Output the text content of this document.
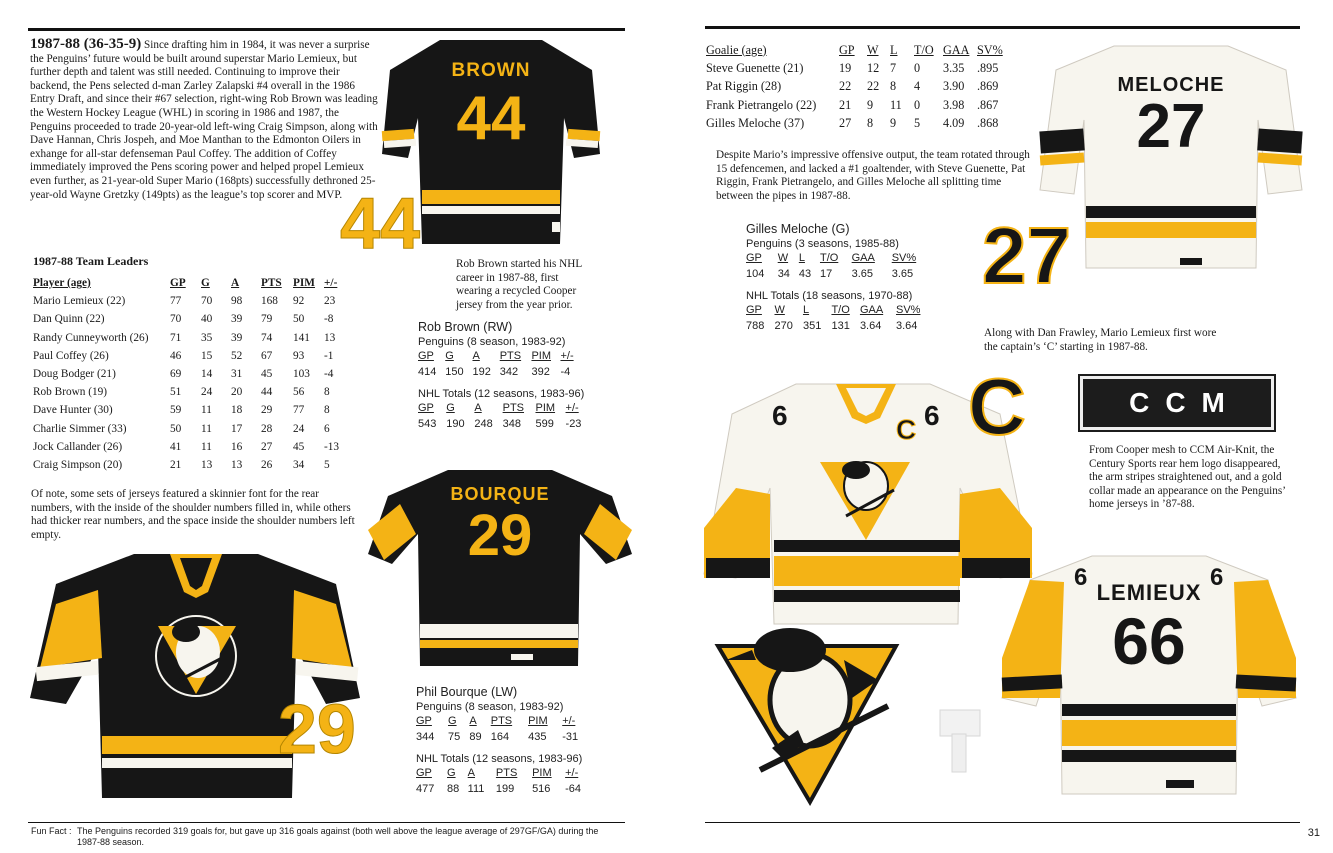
1987-88 (36-35-9) Since drafting him in 1984, it was never a surprise the Penguins’ future would be built around superstar Mario Lemieux, but further depth and talent was still needed. Continuing to improve their backend, the Pens selected d-man Zarley Zalapski #4 overall in the 1986 Entry Draft, and since their #67 selection, right-wing Rob Brown was leading the Western Hockey League (WHL) in scoring in 1986 and 1987, the Penguins proceeded to trade 20-year-old left-wing Craig Simpson, along with Dave Hannan, Chris Jospeh, and Moe Manthan to the Edmonton Oilers in exhange for all-star defenseman Paul Coffey. The addition of Coffey immediately improved the Pens scoring power and helped propel Lemieux even further, as 21-year-old Super Mario (168pts) successfully dethroned 25-year-old Wayne Gretzky (149pts) as the league’s top scorer and MVP.
BROWN
44
44	Rob Brown started his NHL career in 1987-88, first wearing a recycled Cooper jersey from the year prior.
1987-88 Team Leaders
Player (age)	GP	G	A	PTS	PIM	+/-
Mario Lemieux (22)	77	70	98	168	92	23
Dan Quinn (22)	70	40	39	79	50	-8
Randy Cunneyworth (26)	71	35	39	74	141	13
Paul Coffey (26)	46	15	52	67	93	-1
Doug Bodger (21)	69	14	31	45	103	-4
Rob Brown (19)	51	24	20	44	56	8
Dave Hunter (30)	59	11	18	29	77	8
Charlie Simmer (33)	50	11	17	28	24	6
Jock Callander (26)	41	11	16	27	45	-13
Craig Simpson (20)	21	13	13	26	34	5
Of note, some sets of jerseys featured a skinnier font for the rear numbers, with the inside of the shoulder numbers filled in, while others had thicker rear numbers, and the space inside the shoulder numbers left empty.
Rob Brown (RW)
Penguins (8 season, 1983-92)
GP	G	A	PTS	PIM	+/-
414	150	192	342	392	-4
NHL Totals (12 seasons, 1983-96)
GP	G	A	PTS	PIM	+/-
543	190	248	348	599	-23
BOURQUE
29
Phil Bourque (LW)
Penguins (8 season, 1983-92)
GP	G	A	PTS	PIM	+/-
344	75	89	164	435	-31
NHL Totals (12 seasons, 1983-96)
GP	G	A	PTS	PIM	+/-
477	88	111	199	516	-64
29
Fun Fact : The Penguins recorded 319 goals for, but gave up 316 goals against (both well above the league average of 297GF/GA) during the 1987-88 season.
Goalie (age)	GP	W	L	T/O	GAA	SV%
Steve Guenette (21)	19	12	7	0	3.35	.895
Pat Riggin (28)	22	22	8	4	3.90	.869
Frank Pietrangelo (22)	21	9	11	0	3.98	.867
Gilles Meloche (37)	27	8	9	5	4.09	.868
Despite Mario’s impressive offensive output, the team rotated through 15 defencemen, and lacked a #1 goaltender, with Steve Guenette, Pat Riggin, Frank Pietrangelo, and Gilles Meloche all splitting time between the pipes in 1987-88.
Gilles Meloche (G)
Penguins (3 seasons, 1985-88)
GP	W	L	T/O	GAA	SV%
104	34	43	17	3.65	3.65
NHL Totals (18 seasons, 1970-88)
GP	W	L	T/O	GAA	SV%
788	270	351	131	3.64	3.64
MELOCHE
27
27
Along with Dan Frawley, Mario Lemieux first wore the captain’s ‘C’ starting in 1987-88.
6	C 6 C	CCM
From Cooper mesh to CCM Air-Knit, the Century Sports rear hem logo disappeared, the arm stripes straightened out, and a gold collar made an appearance on the Penguins’ home jerseys in ’87-88.
LEMIEUX
66
6	6
31
